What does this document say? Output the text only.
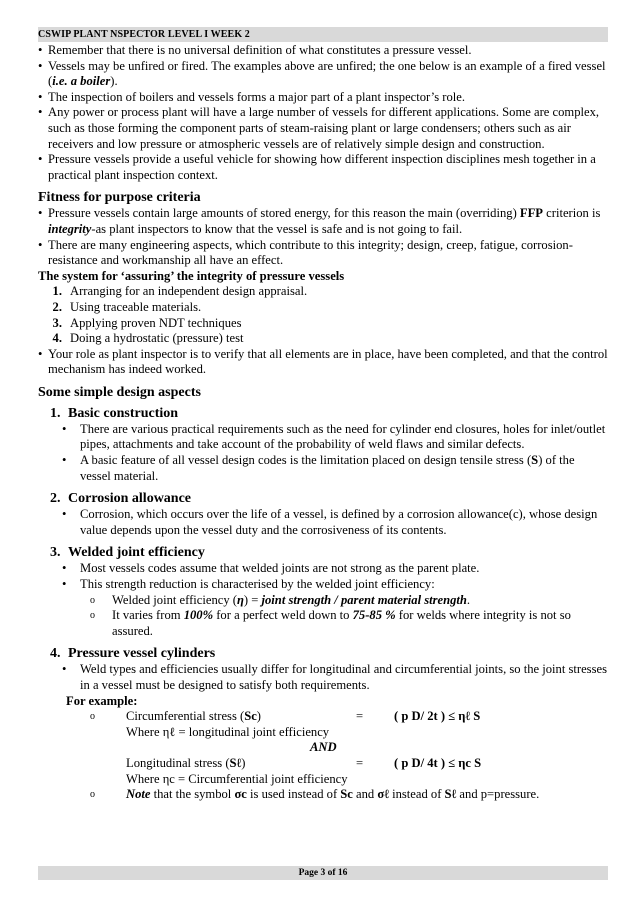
CSWIP PLANT NSPECTOR LEVEL I WEEK 2
• Remember that there is no universal definition of what constitutes a pressure vessel.
• Vessels may be unfired or fired. The examples above are unfired; the one below is an example of a fired vessel (i.e. a boiler).
• The inspection of boilers and vessels forms a major part of a plant inspector’s role.
• Any power or process plant will have a large number of vessels for different applications. Some are complex, such as those forming the component parts of steam-raising plant or large condensers; others such as air receivers and low pressure or atmospheric vessels are of relatively simple design and construction.
• Pressure vessels provide a useful vehicle for showing how different inspection disciplines mesh together in a practical plant inspection context.
Fitness for purpose criteria
• Pressure vessels contain large amounts of stored energy, for this reason the main (overriding) FFP criterion is integrity-as plant inspectors to know that the vessel is safe and is not going to fail.
• There are many engineering aspects, which contribute to this integrity; design, creep, fatigue, corrosion-resistance and workmanship all have an effect.
The system for ‘assuring’ the integrity of pressure vessels
1. Arranging for an independent design appraisal.
2. Using traceable materials.
3. Applying proven NDT techniques
4. Doing a hydrostatic (pressure) test
• Your role as plant inspector is to verify that all elements are in place, have been completed, and that the control mechanism has indeed worked.
Some simple design aspects
1. Basic construction
•	There are various practical requirements such as the need for cylinder end closures, holes for inlet/outlet pipes, attachments and take account of the probability of weld flaws and similar defects.
•	A basic feature of all vessel design codes is the limitation placed on design tensile stress (S) of the vessel material.
2. Corrosion allowance
•	Corrosion, which occurs over the life of a vessel, is defined by a corrosion allowance(c), whose design value depends upon the vessel duty and the corrosiveness of its contents.
3. Welded joint efficiency
•	Most vessels codes assume that welded joints are not strong as the parent plate.
•	This strength reduction is characterised by the welded joint efficiency:
o	Welded joint efficiency (η) = joint strength / parent material strength.
o	It varies from 100% for a perfect weld down to 75-85 % for welds where integrity is not so assured.
4. Pressure vessel cylinders
•	Weld types and efficiencies usually differ for longitudinal and circumferential joints, so the joint stresses in a vessel must be designed to satisfy both requirements.
For example:
o	Circumferential stress (Sc)	=	( p D/ 2t ) ≤ ηℓ S
Where ηℓ = longitudinal joint efficiency
AND
Longitudinal stress (Sℓ)	=	( p D/ 4t ) ≤ ηc S
Where ηc = Circumferential joint efficiency
o	Note that the symbol σc is used instead of Sc and σℓ instead of Sℓ and p=pressure.
Page 3 of 16
